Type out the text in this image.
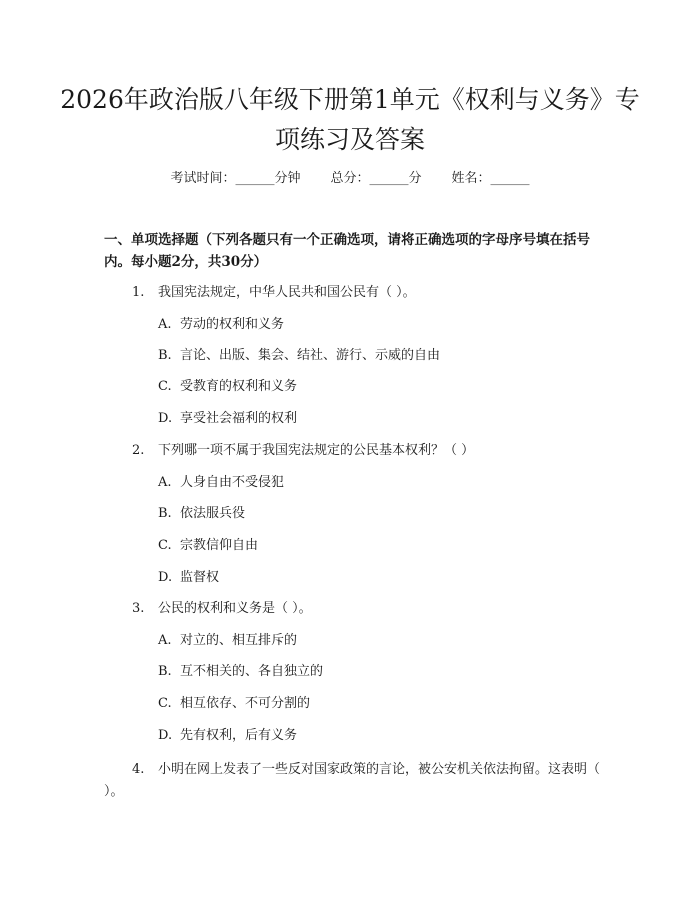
2026年政治版八年级下册第1单元《权利与义务》专项练习及答案
考试时间：______分钟 总分：______分 姓名：______
一、单项选择题（下列各题只有一个正确选项，请将正确选项的字母序号填在括号内。每小题2分，共30分）
1. 我国宪法规定，中华人民共和国公民有（ ）。
A. 劳动的权利和义务
B. 言论、出版、集会、结社、游行、示威的自由
C. 受教育的权利和义务
D. 享受社会福利的权利
2. 下列哪一项不属于我国宪法规定的公民基本权利？（ ）
A. 人身自由不受侵犯
B. 依法服兵役
C. 宗教信仰自由
D. 监督权
3. 公民的权利和义务是（ ）。
A. 对立的、相互排斥的
B. 互不相关的、各自独立的
C. 相互依存、不可分割的
D. 先有权利，后有义务
4. 小明在网上发表了一些反对国家政策的言论，被公安机关依法拘留。这表明（ ）。
